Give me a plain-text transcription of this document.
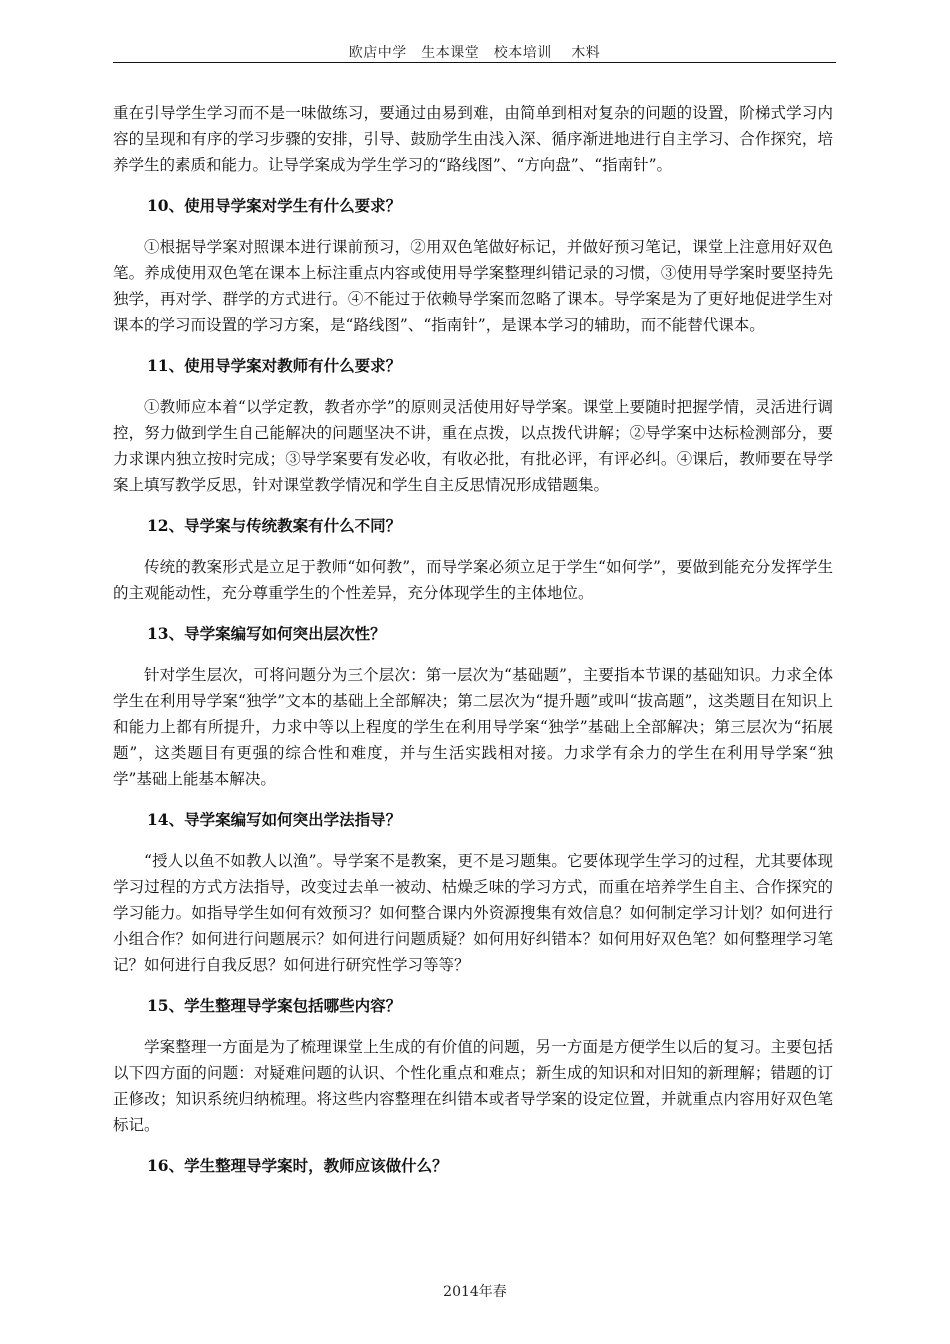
欧店中学　生本课堂　校本培训　 木料

重在引导学生学习而不是一味做练习，要通过由易到难，由简单到相对复杂的问题的设置，阶梯式学习内容的呈现和有序的学习步骤的安排，引导、鼓励学生由浅入深、循序渐进地进行自主学习、合作探究，培养学生的素质和能力。让导学案成为学生学习的“路线图”、“方向盘”、“指南针”。

10、使用导学案对学生有什么要求？

①根据导学案对照课本进行课前预习，②用双色笔做好标记，并做好预习笔记，课堂上注意用好双色笔。养成使用双色笔在课本上标注重点内容或使用导学案整理纠错记录的习惯，③使用导学案时要坚持先独学，再对学、群学的方式进行。④不能过于依赖导学案而忽略了课本。导学案是为了更好地促进学生对课本的学习而设置的学习方案，是“路线图”、“指南针”，是课本学习的辅助，而不能替代课本。

11、使用导学案对教师有什么要求？

①教师应本着“以学定教，教者亦学”的原则灵活使用好导学案。课堂上要随时把握学情，灵活进行调控，努力做到学生自己能解决的问题坚决不讲，重在点拨，以点拨代讲解；②导学案中达标检测部分，要力求课内独立按时完成；③导学案要有发必收，有收必批，有批必评，有评必纠。④课后，教师要在导学案上填写教学反思，针对课堂教学情况和学生自主反思情况形成错题集。

12、导学案与传统教案有什么不同？

传统的教案形式是立足于教师“如何教”，而导学案必须立足于学生“如何学”，要做到能充分发挥学生的主观能动性，充分尊重学生的个性差异，充分体现学生的主体地位。

13、导学案编写如何突出层次性？

针对学生层次，可将问题分为三个层次：第一层次为“基础题”，主要指本节课的基础知识。力求全体学生在利用导学案“独学”文本的基础上全部解决；第二层次为“提升题”或叫“拔高题”，这类题目在知识上和能力上都有所提升，力求中等以上程度的学生在利用导学案“独学”基础上全部解决；第三层次为“拓展题”，这类题目有更强的综合性和难度，并与生活实践相对接。力求学有余力的学生在利用导学案“独学”基础上能基本解决。

14、导学案编写如何突出学法指导？

“授人以鱼不如教人以渔”。导学案不是教案，更不是习题集。它要体现学生学习的过程，尤其要体现学习过程的方式方法指导，改变过去单一被动、枯燥乏味的学习方式，而重在培养学生自主、合作探究的学习能力。如指导学生如何有效预习？如何整合课内外资源搜集有效信息？如何制定学习计划？如何进行小组合作？如何进行问题展示？如何进行问题质疑？如何用好纠错本？如何用好双色笔？如何整理学习笔记？如何进行自我反思？如何进行研究性学习等等？

15、学生整理导学案包括哪些内容？

学案整理一方面是为了梳理课堂上生成的有价值的问题，另一方面是方便学生以后的复习。主要包括以下四方面的问题：对疑难问题的认识、个性化重点和难点；新生成的知识和对旧知的新理解；错题的订正修改；知识系统归纳梳理。将这些内容整理在纠错本或者导学案的设定位置，并就重点内容用好双色笔标记。

16、学生整理导学案时，教师应该做什么？
2014年春
